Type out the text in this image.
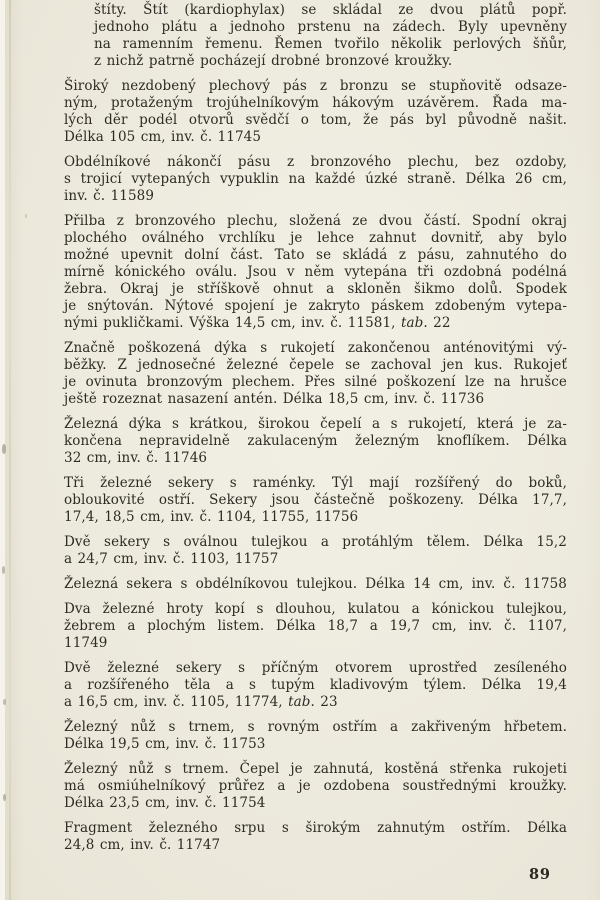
štíty. Štít (kardiophylax) se skládal ze dvou plátů popř.
jednoho plátu a jednoho prstenu na zádech. Byly upevněny
na ramenním řemenu. Řemen tvořilo několik perlových šňůr,
z nichž patrně pocházejí drobné bronzové kroužky.
Široký nezdobený plechový pás z bronzu se stupňovitě odsaze-
ným, protaženým trojúhelníkovým hákovým uzávěrem. Řada ma-
lých děr podél otvorů svědčí o tom, že pás byl původně našit.
Délka 105 cm, inv. č. 11745
Obdélníkové nákončí pásu z bronzového plechu, bez ozdoby,
s trojicí vytepaných vypuklin na každé úzké straně. Délka 26 cm,
inv. č. 11589
Přilba z bronzového plechu, složená ze dvou částí. Spodní okraj
plochého oválného vrchlíku je lehce zahnut dovnitř, aby bylo
možné upevnit dolní část. Tato se skládá z pásu, zahnutého do
mírně kónického oválu. Jsou v něm vytepána tři ozdobná podélná
žebra. Okraj je stříškově ohnut a skloněn šikmo dolů. Spodek
je snýtován. Nýtové spojení je zakryto páskem zdobeným vytepa-
nými pukličkami. Výška 14,5 cm, inv. č. 11581, tab. 22
Značně poškozená dýka s rukojetí zakončenou anténovitými vý-
běžky. Z jednosečné železné čepele se zachoval jen kus. Rukojeť
je ovinuta bronzovým plechem. Přes silné poškození lze na hrušce
ještě rozeznat nasazení antén. Délka 18,5 cm, inv. č. 11736
Železná dýka s krátkou, širokou čepelí a s rukojetí, která je za-
končena nepravidelně zakulaceným železným knoflíkem. Délka
32 cm, inv. č. 11746
Tři železné sekery s raménky. Týl mají rozšířený do boků,
obloukovité ostří. Sekery jsou částečně poškozeny. Délka 17,7,
17,4, 18,5 cm, inv. č. 1104, 11755, 11756
Dvě sekery s oválnou tulejkou a protáhlým tělem. Délka 15,2
a 24,7 cm, inv. č. 1103, 11757
Železná sekera s obdélníkovou tulejkou. Délka 14 cm, inv. č. 11758
Dva železné hroty kopí s dlouhou, kulatou a kónickou tulejkou,
žebrem a plochým listem. Délka 18,7 a 19,7 cm, inv. č. 1107,
11749
Dvě železné sekery s příčným otvorem uprostřed zesíleného
a rozšířeného těla a s tupým kladivovým týlem. Délka 19,4
a 16,5 cm, inv. č. 1105, 11774, tab. 23
Železný nůž s trnem, s rovným ostřím a zakřiveným hřbetem.
Délka 19,5 cm, inv. č. 11753
Železný nůž s trnem. Čepel je zahnutá, kostěná střenka rukojeti
má osmiúhelníkový průřez a je ozdobena soustřednými kroužky.
Délka 23,5 cm, inv. č. 11754
Fragment železného srpu s širokým zahnutým ostřím. Délka
24,8 cm, inv. č. 11747
89
